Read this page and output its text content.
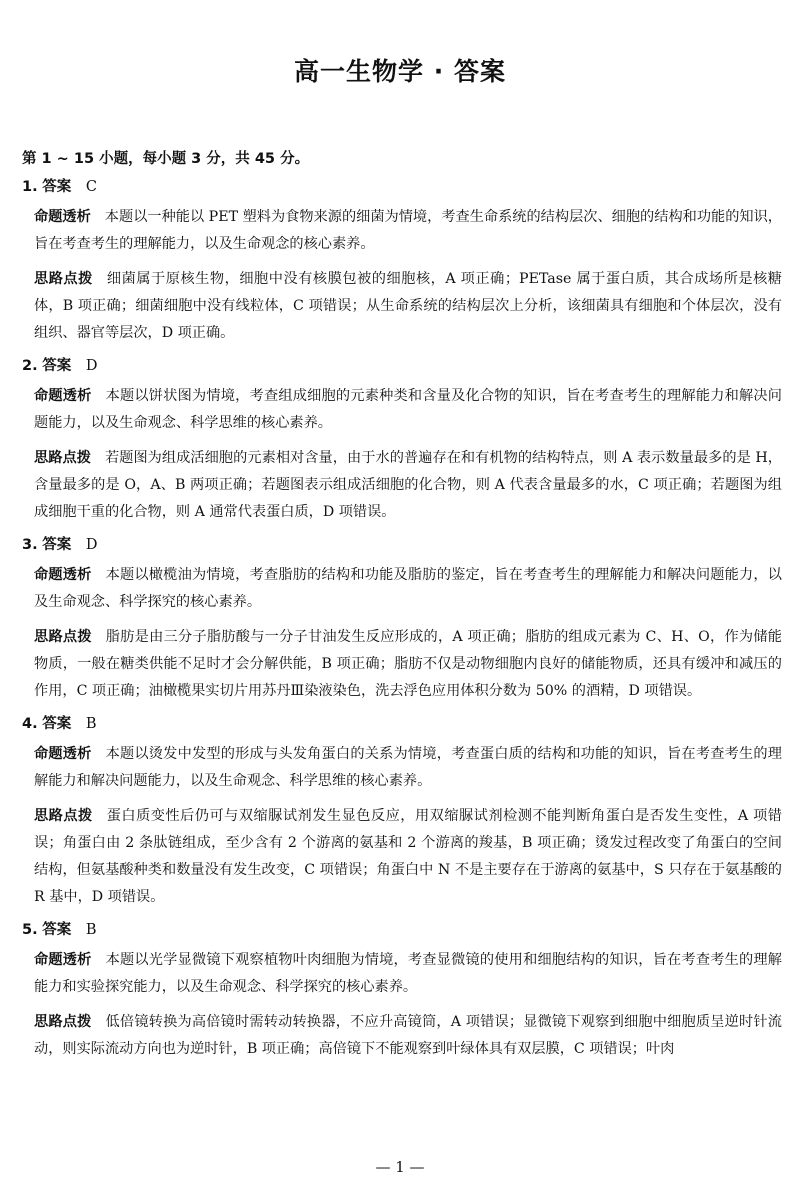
高一生物学 · 答案

第 1 ~ 15 小题，每小题 3 分，共 45 分。

1. 答案 C

命题透析 本题以一种能以 PET 塑料为食物来源的细菌为情境，考查生命系统的结构层次、细胞的结构和功能的知识，旨在考查考生的理解能力，以及生命观念的核心素养。

思路点拨 细菌属于原核生物，细胞中没有核膜包被的细胞核，A 项正确；PETase 属于蛋白质，其合成场所是核糖体，B 项正确；细菌细胞中没有线粒体，C 项错误；从生命系统的结构层次上分析，该细菌具有细胞和个体层次，没有组织、器官等层次，D 项正确。

2. 答案 D

命题透析 本题以饼状图为情境，考查组成细胞的元素种类和含量及化合物的知识，旨在考查考生的理解能力和解决问题能力，以及生命观念、科学思维的核心素养。

思路点拨 若题图为组成活细胞的元素相对含量，由于水的普遍存在和有机物的结构特点，则 A 表示数量最多的是 H，含量最多的是 O，A、B 两项正确；若题图表示组成活细胞的化合物，则 A 代表含量最多的水，C 项正确；若题图为组成细胞干重的化合物，则 A 通常代表蛋白质，D 项错误。

3. 答案 D

命题透析 本题以橄榄油为情境，考查脂肪的结构和功能及脂肪的鉴定，旨在考查考生的理解能力和解决问题能力，以及生命观念、科学探究的核心素养。

思路点拨 脂肪是由三分子脂肪酸与一分子甘油发生反应形成的，A 项正确；脂肪的组成元素为 C、H、O，作为储能物质，一般在糖类供能不足时才会分解供能，B 项正确；脂肪不仅是动物细胞内良好的储能物质，还具有缓冲和减压的作用，C 项正确；油橄榄果实切片用苏丹Ⅲ染液染色，洗去浮色应用体积分数为 50% 的酒精，D 项错误。

4. 答案 B

命题透析 本题以烫发中发型的形成与头发角蛋白的关系为情境，考查蛋白质的结构和功能的知识，旨在考查考生的理解能力和解决问题能力，以及生命观念、科学思维的核心素养。

思路点拨 蛋白质变性后仍可与双缩脲试剂发生显色反应，用双缩脲试剂检测不能判断角蛋白是否发生变性，A 项错误；角蛋白由 2 条肽链组成，至少含有 2 个游离的氨基和 2 个游离的羧基，B 项正确；烫发过程改变了角蛋白的空间结构，但氨基酸种类和数量没有发生改变，C 项错误；角蛋白中 N 不是主要存在于游离的氨基中，S 只存在于氨基酸的 R 基中，D 项错误。

5. 答案 B

命题透析 本题以光学显微镜下观察植物叶肉细胞为情境，考查显微镜的使用和细胞结构的知识，旨在考查考生的理解能力和实验探究能力，以及生命观念、科学探究的核心素养。

思路点拨 低倍镜转换为高倍镜时需转动转换器，不应升高镜筒，A 项错误；显微镜下观察到细胞中细胞质呈逆时针流动，则实际流动方向也为逆时针，B 项正确；高倍镜下不能观察到叶绿体具有双层膜，C 项错误；叶肉

— 1 —
